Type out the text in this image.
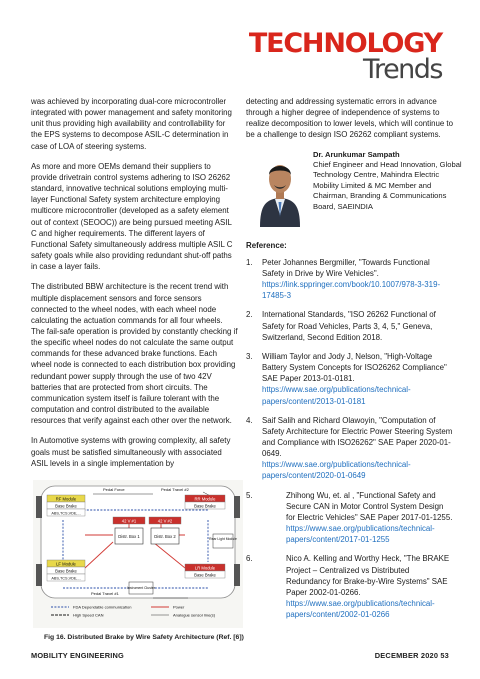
TECHNOLOGY
Trends

was achieved by incorporating dual-core microcontroller integrated with power management and safety monitoring unit thus providing high availability and controllability for the EPS systems to decompose ASIL-C determination in case of LOA of steering systems.

As more and more OEMs demand their suppliers to provide drivetrain control systems adhering to ISO 26262 standard, innovative technical solutions employing multi-layer Functional Safety system architecture employing multicore microcontroller (developed as a safety element out of context (SEOOC)) are being pursued meeting ASIL C and higher requirements. The different layers of Functional Safety simultaneously address multiple ASIL C safety goals while also providing redundant shut-off paths in case a layer fails.

The distributed BBW architecture is the recent trend with multiple displacement sensors and force sensors connected to the wheel nodes, with each wheel node calculating the actuation commands for all four wheels. The fail-safe operation is provided by constantly checking if the specific wheel nodes do not calculate the same output commands for these advanced brake functions. Each wheel node is connected to each distribution box providing redundant power supply through the use of two 42V batteries that are protected from short circuits. The communication system itself is failure tolerant with the computation and control distributed to the available resources that verify against each other over the network.

In Automotive systems with growing complexity, all safety goals must be satisfied simultaneously with associated ASIL levels in a single implementation by

detecting and addressing systematic errors in advance through a higher degree of independence of systems to realize decomposition to lower levels, which will continue to be a challenge to design ISO 26262 compliant systems.

Dr. Arunkumar Sampath
Chief Engineer and Head Innovation, Global Technology Centre, Mahindra Electric Mobility Limited & MC Member and Chairman, Branding & Communications Board, SAEINDIA
Reference:
1. Peter Johannes Bergmiller, "Towards Functional Safety in Drive by Wire Vehicles".
https://link.sppringer.com/book/10.1007/978-3-319-17485-3
2. International Standards, "ISO 26262 Functional of Safety for Road Vehicles, Parts 3, 4, 5," Geneva, Switzerland, Second Edition 2018.
3. William Taylor and Jody J, Nelson, "High-Voltage Battery System Concepts for ISO26262 Compliance" SAE Paper 2013-01-0181.
https://www.sae.org/publications/technical-papers/content/2013-01-0181
4. Saif Salih and Richard Olawoyin, "Computation of Safety Architecture for Electric Power Steering System and Compliance with ISO26262" SAE Paper 2020-01-0649.
https://www.sae.org/publications/technical-papers/content/2020-01-0649
5.	Zhihong Wu, et. al , "Functional Safety and Secure CAN in Motor Control System Design for Electric Vehicles" SAE Paper 2017-01-1255.
https://www.sae.org/publications/technical-papers/content/2017-01-1255
6.	Nico A. Kelling and Worthy Heck, "The BRAKE Project – Centralized vs Distributed Redundancy for Brake-by-Wire Systems" SAE Paper 2002-01-0266.
https://www.sae.org/publications/technical-papers/content/2002-01-0266
RF Module
Base Brake
ABS,TCS,VDE,...
RR Module
Base Brake
Pedal Force	Pedal Travel #2
42 V #1	42 V #2
Distr. Box 1	Distr. Box 2	Rear Light Module
LF Module
Base Brake
ABS,TCS,VDE,...
LR Module
Base Brake
Instrument Cluster
Pedal Travel #1
FDA Dependable communication
High Speed CAN
Power
Analogue sensor line(s)
Fig 16. Distributed Brake by Wire Safety Architecture (Ref. [6])
MOBILITY ENGINEERING	DECEMBER 2020 53
